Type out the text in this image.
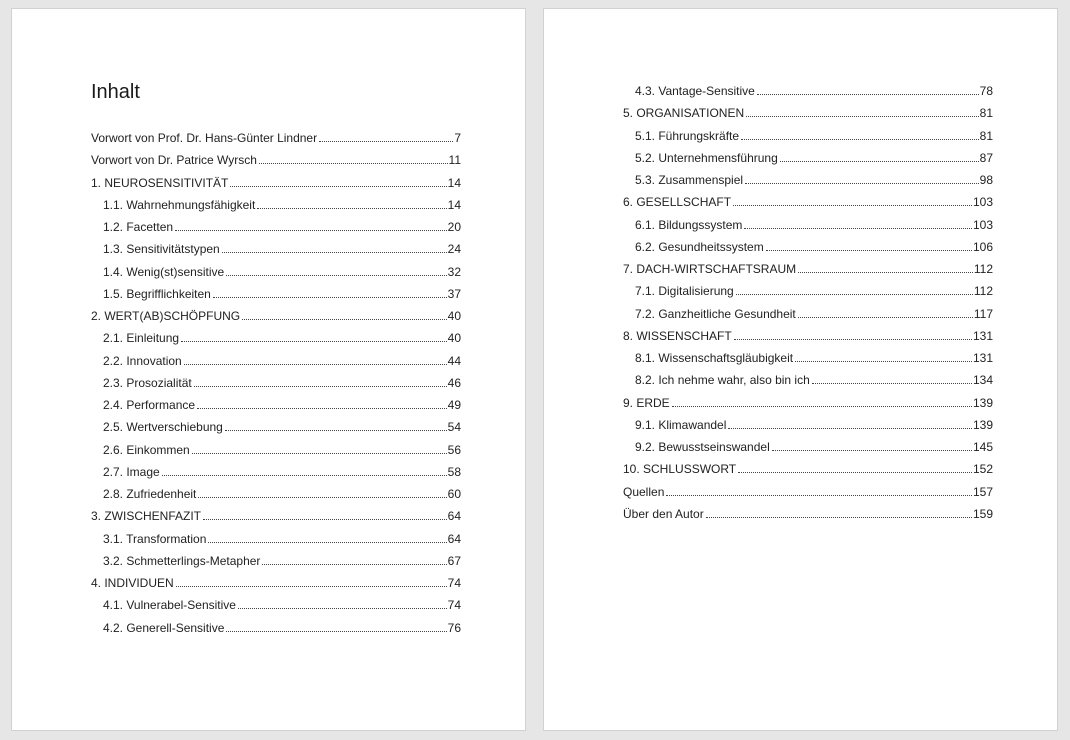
Inhalt
Vorwort von Prof. Dr. Hans-Günter Lindner	7
Vorwort von Dr. Patrice Wyrsch	11
1. NEUROSENSITIVITÄT	14
1.1. Wahrnehmungsfähigkeit	14
1.2. Facetten	20
1.3. Sensitivitätstypen	24
1.4. Wenig(st)sensitive	32
1.5. Begrifflichkeiten	37
2. WERT(AB)SCHÖPFUNG	40
2.1. Einleitung	40
2.2. Innovation	44
2.3. Prosozialität	46
2.4. Performance	49
2.5. Wertverschiebung	54
2.6. Einkommen	56
2.7. Image	58
2.8. Zufriedenheit	60
3. ZWISCHENFAZIT	64
3.1. Transformation	64
3.2. Schmetterlings-Metapher	67
4. INDIVIDUEN	74
4.1. Vulnerabel-Sensitive	74
4.2. Generell-Sensitive	76
4.3. Vantage-Sensitive	78
5. ORGANISATIONEN	81
5.1. Führungskräfte	81
5.2. Unternehmensführung	87
5.3. Zusammenspiel	98
6. GESELLSCHAFT	103
6.1. Bildungssystem	103
6.2. Gesundheitssystem	106
7. DACH-WIRTSCHAFTSRAUM	112
7.1. Digitalisierung	112
7.2. Ganzheitliche Gesundheit	117
8. WISSENSCHAFT	131
8.1. Wissenschaftsgläubigkeit	131
8.2. Ich nehme wahr, also bin ich	134
9. ERDE	139
9.1. Klimawandel	139
9.2. Bewusstseinswandel	145
10. SCHLUSSWORT	152
Quellen	157
Über den Autor	159
